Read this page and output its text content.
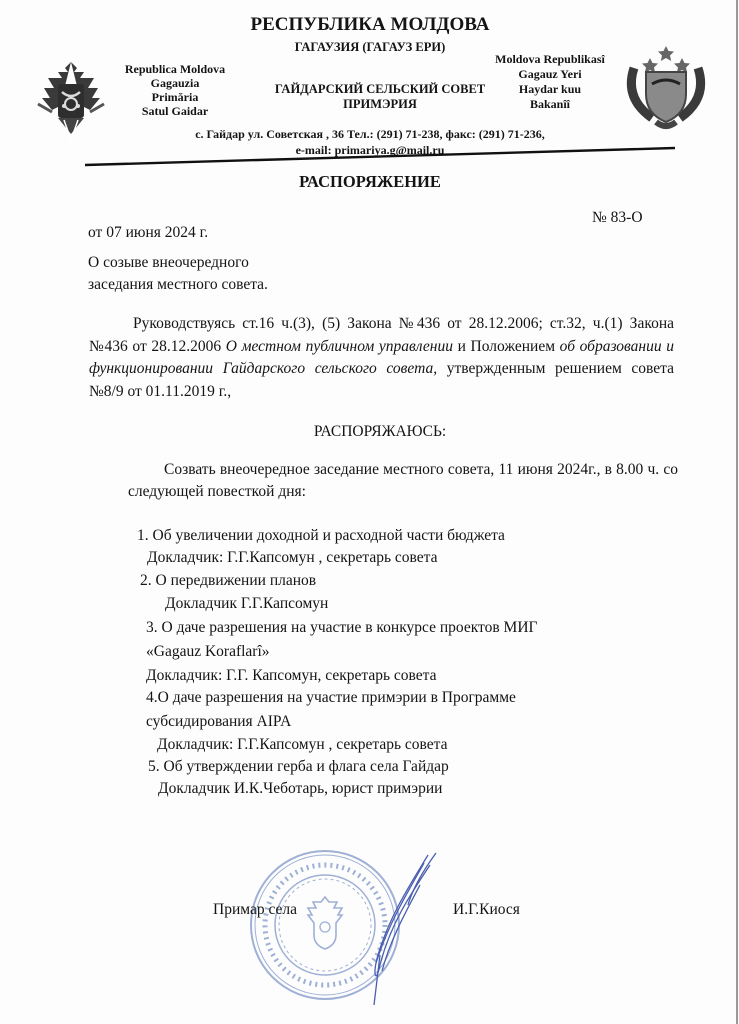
РЕСПУБЛИКА МОЛДОВА
ГАГАУЗИЯ (ГАГАУЗ ЕРИ)
Republica Moldova
Gagauzia
Primăria
Satul Gaidar
Moldova Republikasî
Gagauz Yeri
Haydar kuu
Bakanîî
ГАЙДАРСКИЙ СЕЛЬСКИЙ СОВЕТ
ПРИМЭРИЯ
с. Гайдар ул. Советская , 36 Тел.: (291) 71-238, факс: (291) 71-236,
e-mail: primariya.g@mail.ru
РАСПОРЯЖЕНИЕ
№ 83-О
от 07 июня 2024 г.
О созыве внеочередного
заседания местного совета.
Руководствуясь ст.16 ч.(3), (5) Закона №436 от 28.12.2006; ст.32, ч.(1) Закона №436 от 28.12.2006 О местном публичном управлении и Положением об образовании и функционировании Гайдарского сельского совета, утвержденным решением совета №8/9 от 01.11.2019 г.,
РАСПОРЯЖАЮСЬ:
Созвать внеочередное заседание местного совета, 11 июня 2024г., в 8.00 ч. со следующей повесткой дня:
1. Об увеличении доходной и расходной части бюджета
Докладчик: Г.Г.Капсомун , секретарь совета
2. О передвижении планов
Докладчик Г.Г.Капсомун
3. О даче разрешения на участие в конкурсе проектов МИГ
«Gagauz Koraflarî»
Докладчик: Г.Г. Капсомун, секретарь совета
4.О даче разрешения на участие примэрии в Программе
субсидирования AIPA
Докладчик: Г.Г.Капсомун , секретарь совета
5. Об утверждении герба и флага села Гайдар
Докладчик И.К.Чеботарь, юрист примэрии
Примар села	И.Г.Киося
